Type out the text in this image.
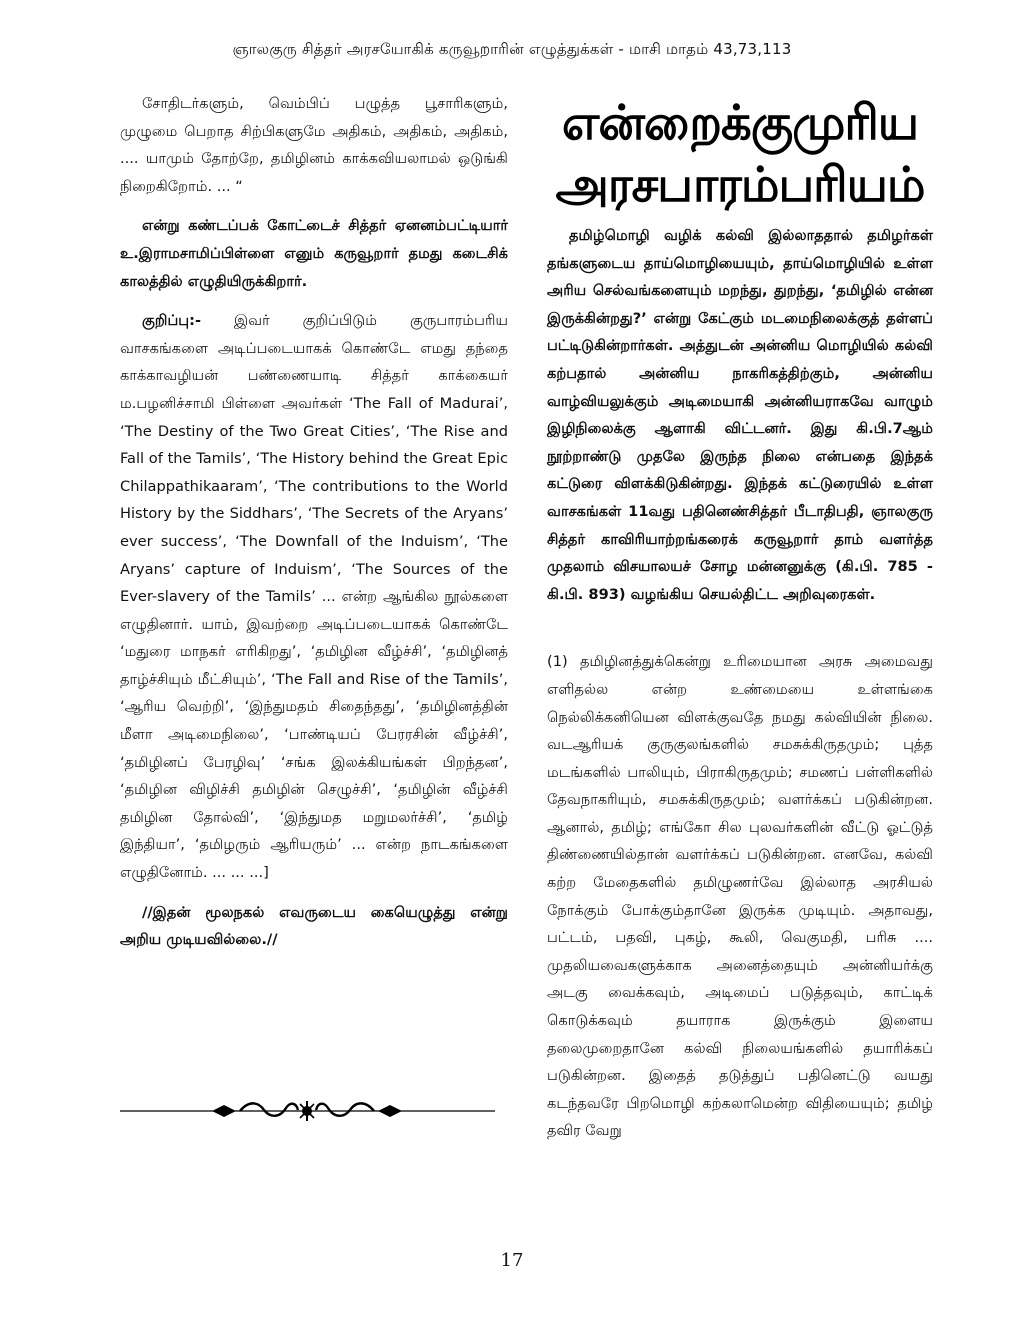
ஞாலகுரு சித்தர் அரசயோகிக் கருவூறாரின் எழுத்துக்கள் - மாசி மாதம் 43,73,113

சோதிடர்களும், வெம்பிப் பழுத்த பூசாரிகளும், முழுமை பெறாத சிற்பிகளுமே அதிகம், அதிகம், அதிகம், .... யாமும் தோற்றே, தமிழினம் காக்கவியலாமல் ஒடுங்கி நிறைகிறோம். ... “

என்று கண்டப்பக் கோட்டைச் சித்தர் ஏனனம்பட்டியார் உ.இராமசாமிப்பிள்ளை எனும் கருவூறார் தமது கடைசிக் காலத்தில் எழுதியிருக்கிறார்.

குறிப்பு:- இவர் குறிப்பிடும் குருபாரம்பரிய வாசகங்களை அடிப்படையாகக் கொண்டே எமது தந்தை காக்காவழியன் பண்ணையாடி சித்தர் காக்கையர் ம.பழனிச்சாமி பிள்ளை அவர்கள் ‘The Fall of Madurai’, ‘The Destiny of the Two Great Cities’, ‘The Rise and Fall of the Tamils’, ‘The History behind the Great Epic Chilappathikaaram’, ‘The contributions to the World History by the Siddhars’, ‘The Secrets of the Aryans’ ever success’, ‘The Downfall of the Induism’, ‘The Aryans’ capture of Induism’, ‘The Sources of the Ever-slavery of the Tamils’ ... என்ற ஆங்கில நூல்களை எழுதினார். யாம், இவற்றை அடிப்படையாகக் கொண்டே ‘மதுரை மாநகர் எரிகிறது’, ‘தமிழின வீழ்ச்சி’, ‘தமிழினத் தாழ்ச்சியும் மீட்சியும்’, ‘The Fall and Rise of the Tamils’, ‘ஆரிய வெற்றி’, ‘இந்துமதம் சிதைந்தது’, ‘தமிழினத்தின் மீளா அடிமைநிலை’, ‘பாண்டியப் பேரரசின் வீழ்ச்சி’, ‘தமிழினப் பேரழிவு’ ‘சங்க இலக்கியங்கள் பிறந்தன’, ‘தமிழின விழிச்சி தமிழின் செழுச்சி’, ‘தமிழின் வீழ்ச்சி தமிழின தோல்வி’, ‘இந்துமத மறுமலர்ச்சி’, ‘தமிழ் இந்தியா’, ‘தமிழரும் ஆரியரும்’ ... என்ற நாடகங்களை எழுதினோம். ... ... ...]

//இதன் மூலநகல் எவருடைய கையெழுத்து என்று அறிய முடியவில்லை.//

என்றைக்குமுரிய
அரசபாரம்பரியம்

தமிழ்மொழி வழிக் கல்வி இல்லாததால் தமிழர்கள் தங்களுடைய தாய்மொழியையும், தாய்மொழியில் உள்ள அரிய செல்வங்களையும் மறந்து, துறந்து, ‘தமிழில் என்ன இருக்கின்றது?’ என்று கேட்கும் மடமைநிலைக்குத் தள்ளப் பட்டிடுகின்றார்கள். அத்துடன் அன்னிய மொழியில் கல்வி கற்பதால் அன்னிய நாகரிகத்திற்கும், அன்னிய வாழ்வியலுக்கும் அடிமையாகி அன்னியராகவே வாழும் இழிநிலைக்கு ஆளாகி விட்டனர். இது கி.பி.7ஆம் நூற்றாண்டு முதலே இருந்த நிலை என்பதை இந்தக் கட்டுரை விளக்கிடுகின்றது. இந்தக் கட்டுரையில் உள்ள வாசகங்கள் 11வது பதினெண்சித்தர் பீடாதிபதி, ஞாலகுரு சித்தர் காவிரியாற்றங்கரைக் கருவூறார் தாம் வளர்த்த முதலாம் விசயாலயச் சோழ மன்னனுக்கு (கி.பி. 785 - கி.பி. 893) வழங்கிய செயல்திட்ட அறிவுரைகள்.

(1) தமிழினத்துக்கென்று உரிமையான அரசு அமைவது எளிதல்ல என்ற உண்மையை உள்ளங்கை நெல்லிக்கனியென விளக்குவதே நமது கல்வியின் நிலை. வடஆரியக் குருகுலங்களில் சமசுக்கிருதமும்; புத்த மடங்களில் பாலியும், பிராகிருதமும்; சமணப் பள்ளிகளில் தேவநாகரியும், சமசுக்கிருதமும்; வளர்க்கப் படுகின்றன. ஆனால், தமிழ்; எங்கோ சில புலவர்களின் வீட்டு ஓட்டுத் திண்ணையில்தான் வளர்க்கப் படுகின்றன. எனவே, கல்வி கற்ற மேதைகளில் தமிழுணர்வே இல்லாத அரசியல் நோக்கும் போக்கும்தானே இருக்க முடியும். அதாவது, பட்டம், பதவி, புகழ், கூலி, வெகுமதி, பரிசு .... முதலியவைகளுக்காக அனைத்தையும் அன்னியர்க்கு அடகு வைக்கவும், அடிமைப் படுத்தவும், காட்டிக் கொடுக்கவும் தயாராக இருக்கும் இளைய தலைமுறைதானே கல்வி நிலையங்களில் தயாரிக்கப் படுகின்றன. இதைத் தடுத்துப் பதினெட்டு வயது கடந்தவரே பிறமொழி கற்கலாமென்ற விதியையும்; தமிழ் தவிர வேறு

17
